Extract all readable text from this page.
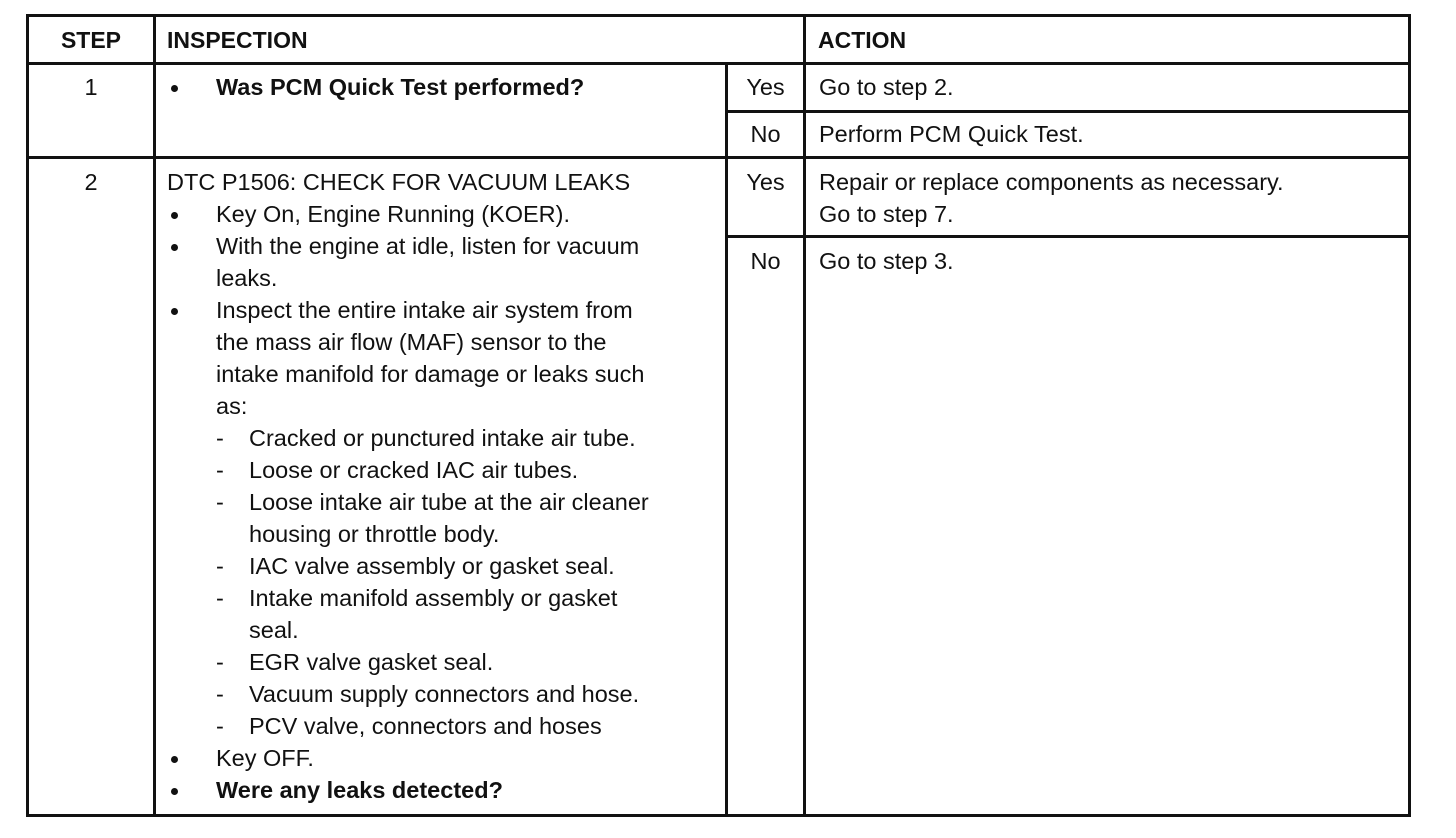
STEP	INSPECTION	ACTION
1	Was PCM Quick Test performed?	Yes	Go to step 2.
No	Perform PCM Quick Test.
2	DTC P1506: CHECK FOR VACUUM LEAKS
Key On, Engine Running (KOER).
With the engine at idle, listen for vacuum
leaks.
Inspect the entire intake air system from
the mass air flow (MAF) sensor to the
intake manifold for damage or leaks such
as:
- Cracked or punctured intake air tube.
- Loose or cracked IAC air tubes.
- Loose intake air tube at the air cleaner
housing or throttle body.
- IAC valve assembly or gasket seal.
- Intake manifold assembly or gasket
seal.
- EGR valve gasket seal.
- Vacuum supply connectors and hose.
- PCV valve, connectors and hoses
Key OFF.
Were any leaks detected?
Yes	Repair or replace components as necessary.
Go to step 7.
No	Go to step 3.
